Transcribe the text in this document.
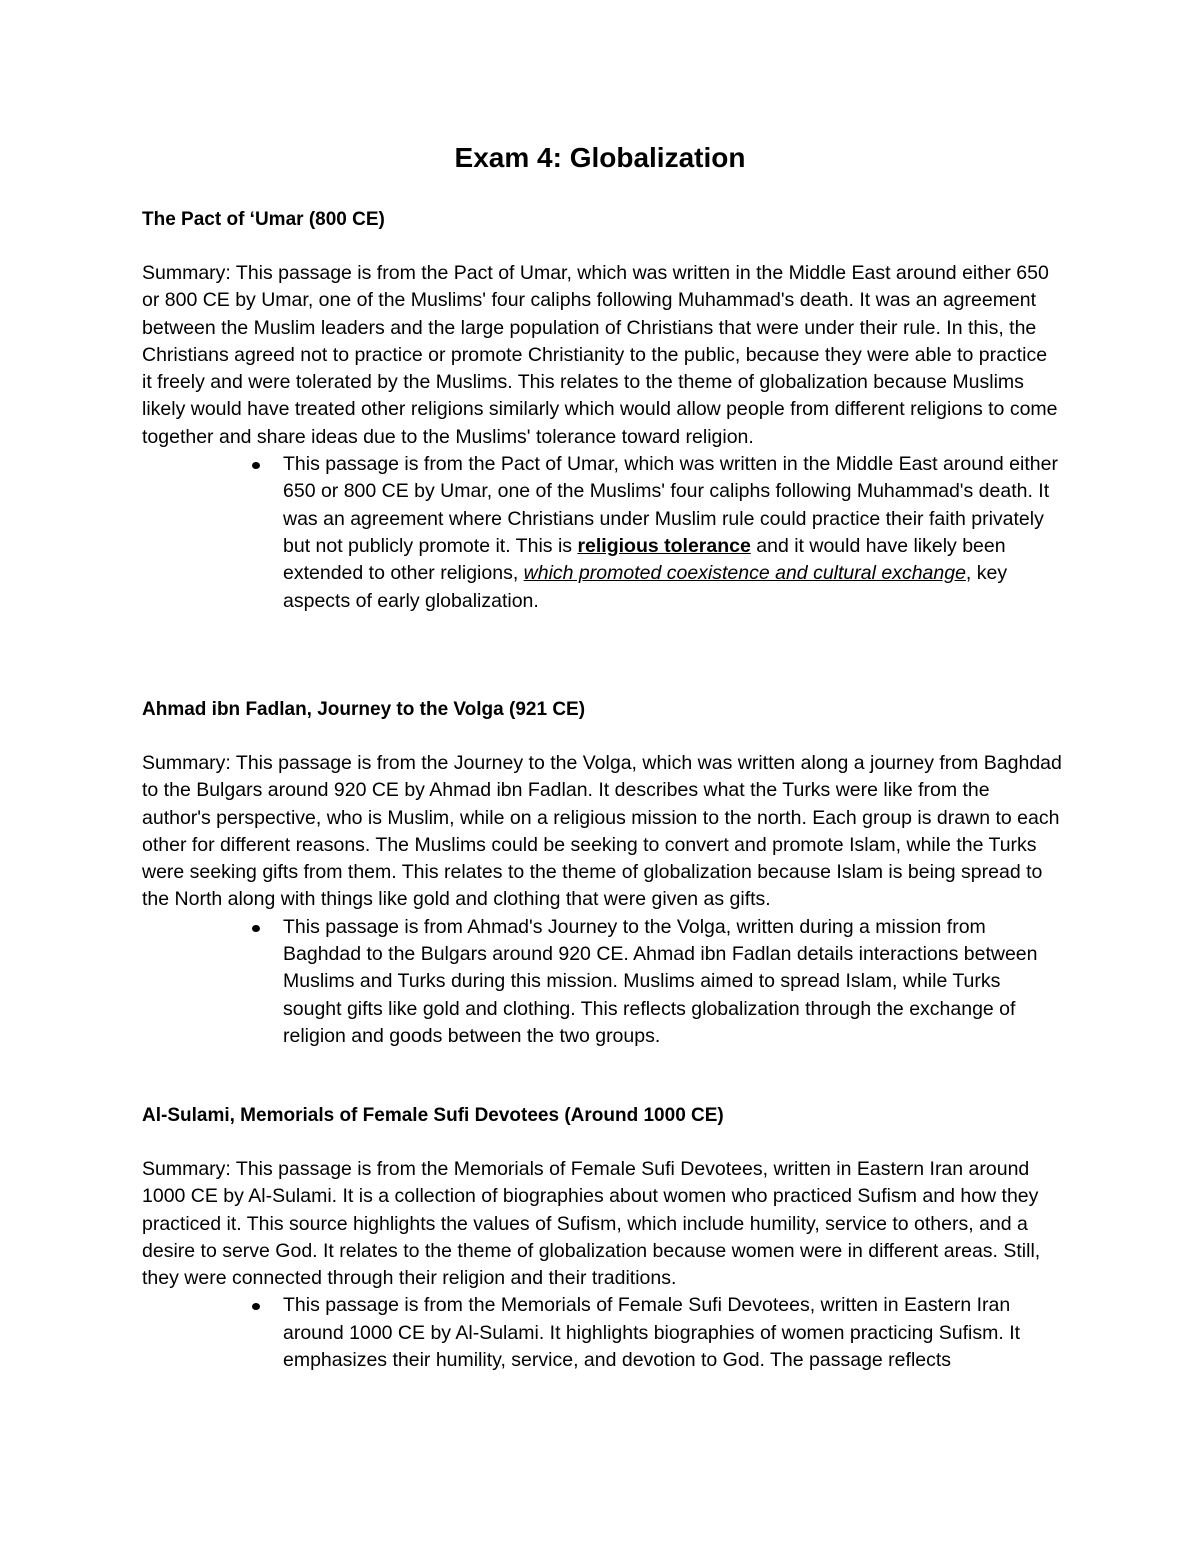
Exam 4: Globalization
The Pact of ‘Umar (800 CE)

Summary: This passage is from the Pact of Umar, which was written in the Middle East around either 650 or 800 CE by Umar, one of the Muslims' four caliphs following Muhammad's death. It was an agreement between the Muslim leaders and the large population of Christians that were under their rule. In this, the Christians agreed not to practice or promote Christianity to the public, because they were able to practice it freely and were tolerated by the Muslims. This relates to the theme of globalization because Muslims likely would have treated other religions similarly which would allow people from different religions to come together and share ideas due to the Muslims' tolerance toward religion.

This passage is from the Pact of Umar, which was written in the Middle East around either 650 or 800 CE by Umar, one of the Muslims' four caliphs following Muhammad's death. It was an agreement where Christians under Muslim rule could practice their faith privately but not publicly promote it. This is religious tolerance and it would have likely been extended to other religions, which promoted coexistence and cultural exchange, key aspects of early globalization.
Ahmad ibn Fadlan, Journey to the Volga (921 CE)

Summary: This passage is from the Journey to the Volga, which was written along a journey from Baghdad to the Bulgars around 920 CE by Ahmad ibn Fadlan. It describes what the Turks were like from the author's perspective, who is Muslim, while on a religious mission to the north. Each group is drawn to each other for different reasons. The Muslims could be seeking to convert and promote Islam, while the Turks were seeking gifts from them. This relates to the theme of globalization because Islam is being spread to the North along with things like gold and clothing that were given as gifts.

This passage is from Ahmad's Journey to the Volga, written during a mission from Baghdad to the Bulgars around 920 CE. Ahmad ibn Fadlan details interactions between Muslims and Turks during this mission. Muslims aimed to spread Islam, while Turks sought gifts like gold and clothing. This reflects globalization through the exchange of religion and goods between the two groups.
Al-Sulami, Memorials of Female Sufi Devotees (Around 1000 CE)

Summary: This passage is from the Memorials of Female Sufi Devotees, written in Eastern Iran around 1000 CE by Al-Sulami. It is a collection of biographies about women who practiced Sufism and how they practiced it. This source highlights the values of Sufism, which include humility, service to others, and a desire to serve God. It relates to the theme of globalization because women were in different areas. Still, they were connected through their religion and their traditions.

This passage is from the Memorials of Female Sufi Devotees, written in Eastern Iran around 1000 CE by Al-Sulami. It highlights biographies of women practicing Sufism. It emphasizes their humility, service, and devotion to God. The passage reflects
